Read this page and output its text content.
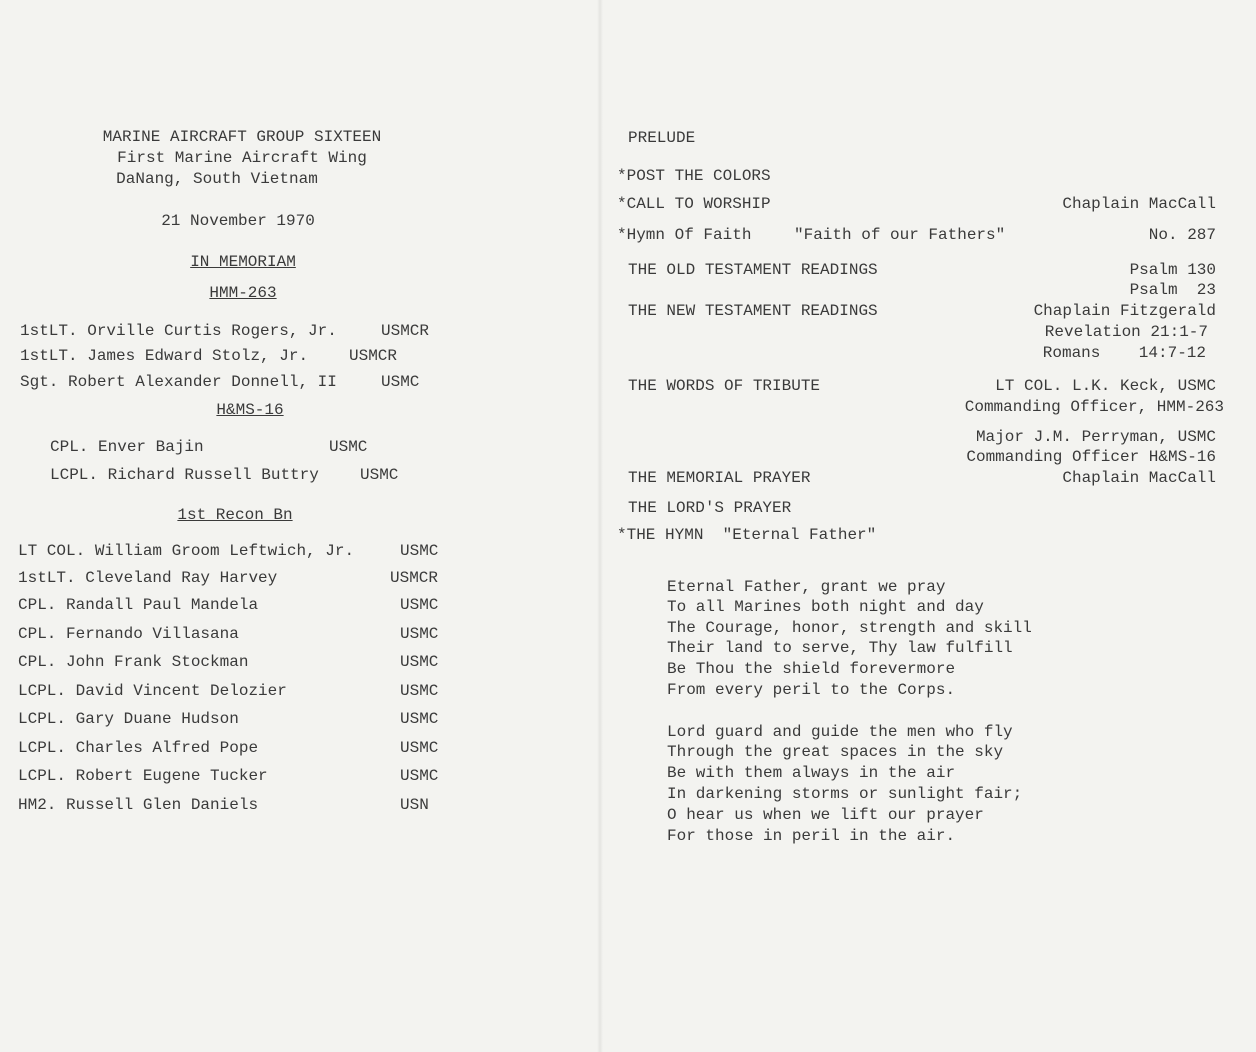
MARINE AIRCRAFT GROUP SIXTEEN
First Marine Aircraft Wing
DaNang, South Vietnam
21 November 1970
IN MEMORIAM
HMM-263
1stLT. Orville Curtis Rogers, Jr.	USMCR
1stLT. James Edward Stolz, Jr.	USMCR
Sgt. Robert Alexander Donnell, II	USMC
H&MS-16
CPL. Enver Bajin	USMC
LCPL. Richard Russell Buttry	USMC
1st Recon Bn
LT COL. William Groom Leftwich, Jr.	USMC
1stLT. Cleveland Ray Harvey	USMCR
CPL. Randall Paul Mandela	USMC
CPL. Fernando Villasana	USMC
CPL. John Frank Stockman	USMC
LCPL. David Vincent Delozier	USMC
LCPL. Gary Duane Hudson	USMC
LCPL. Charles Alfred Pope	USMC
LCPL. Robert Eugene Tucker	USMC
HM2. Russell Glen Daniels	USN
PRELUDE
*POST THE COLORS
*CALL TO WORSHIP	Chaplain MacCall
*Hymn Of Faith	"Faith of our Fathers"	No. 287
THE OLD TESTAMENT READINGS	Psalm 130
Psalm  23
THE NEW TESTAMENT READINGS	Chaplain Fitzgerald
Revelation 21:1-7
Romans    14:7-12
THE WORDS OF TRIBUTE	LT COL. L.K. Keck, USMC
Commanding Officer, HMM-263
Major J.M. Perryman, USMC
Commanding Officer H&MS-16
THE MEMORIAL PRAYER	Chaplain MacCall
THE LORD'S PRAYER
*THE HYMN  "Eternal Father"
Eternal Father, grant we pray
To all Marines both night and day
The Courage, honor, strength and skill
Their land to serve, Thy law fulfill
Be Thou the shield forevermore
From every peril to the Corps.
Lord guard and guide the men who fly
Through the great spaces in the sky
Be with them always in the air
In darkening storms or sunlight fair;
O hear us when we lift our prayer
For those in peril in the air.
